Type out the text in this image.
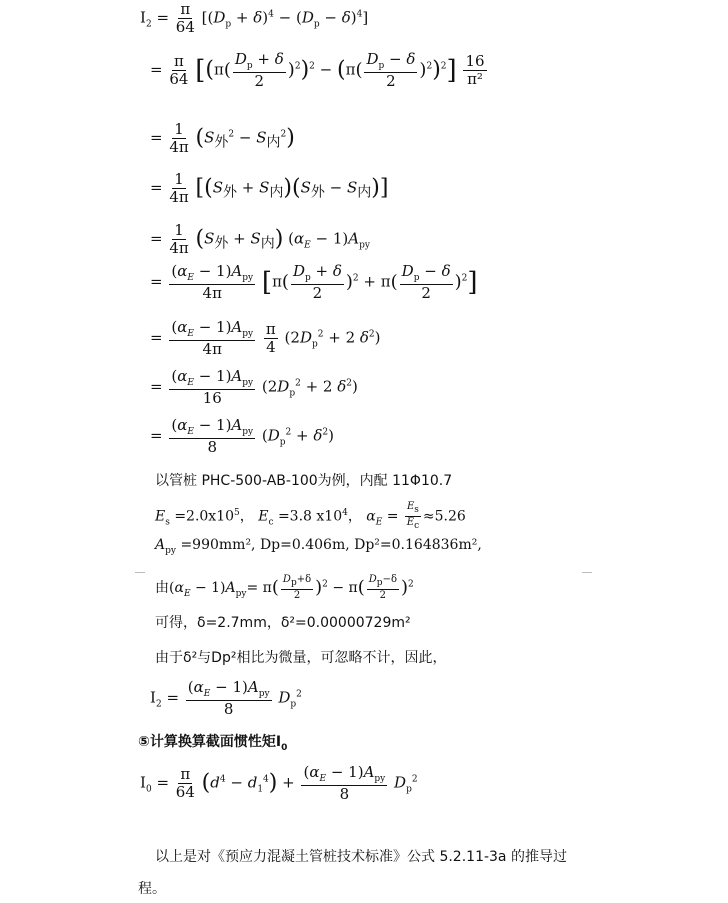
$I_2 = \frac{\pi}{64} [(D_p + \delta)^4 - (D_p - \delta)^4]$
= $\frac{\pi}{64} [(\pi( \frac{D_p + \delta}{2} )^2)^2 - (\pi( \frac{D_p - \delta}{2} )^2)^2] \frac{16}{\text{π²}}$
= $\frac{1}{4\pi} (S_外^2 - S_内^2)$
= $\frac{1}{4\pi} [(S_外 + S_内)(S_外 - S_内)]$
= $\frac{1}{4\pi} (S_外 + S_内) (\alpha_E - 1)A_{py}$
= $\frac{(\alpha_E - 1)A_{py}}{4\pi} [\pi( \frac{D_p + \delta}{2} )^2 + \pi( \frac{D_p - \delta}{2} )^2]$
= $\frac{(\alpha_E - 1)A_{py}}{4\pi}$
$\frac{\pi}{4} (2D_p^2 + 2$ $\delta^2$)
= $\frac{(\alpha_E - 1)A_{py}}{16} (2D_p^2 + 2$ $\delta^2$)
= $\frac{(\alpha_E - 1)A_{py}}{8} (D_p^2 + \delta^2)$
以管桩 PHC-500-AB-100为例，内配 11Φ10.7
$E_s =2.0x10^5$， $E_c =3.8$ $x10^4$， $\alpha_E = \frac{E_s}{E_c} \approx 5.26$
$A_{py} =990mm^2$, Dp=0.406m, Dp²=0.164836m²,
由$(\alpha_E - 1)A_{py}= \pi( \frac{D_p+\delta}{2} )^2 - \pi( \frac{D_p-\delta}{2} )^2$
可得，δ=2.7mm，δ²=0.00000729m²
由于δ²与Dp²相比为微量，可忽略不计，因此，
$I_2 = \frac{(\alpha_E - 1)A_{py}}{8} D_p^2$
⑤计算换算截面惯性矩$I_0$
$I_0 = \frac{\pi}{64} (d^4 - d_1^4) + \frac{(\alpha_E - 1)A_{py}}{8} D_p^2$
以上是对《预应力混凝土管桩技术标准》公式 5.2.11-3a 的推导过
程。
